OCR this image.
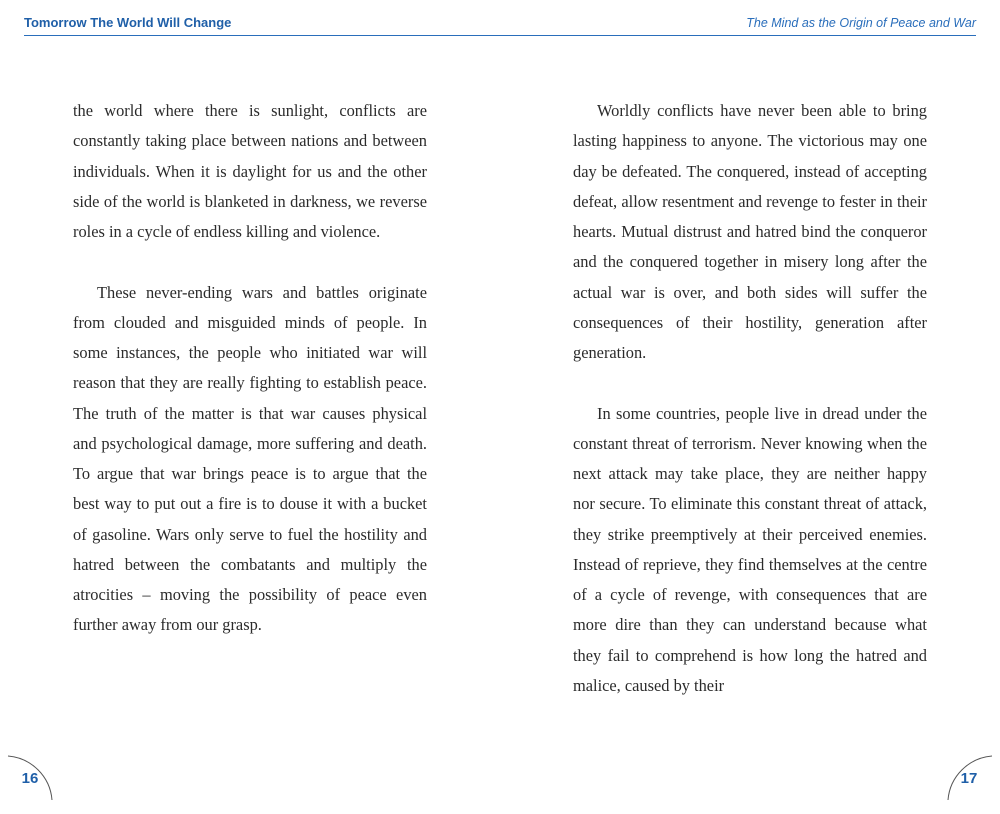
Tomorrow The World Will Change	The Mind as the Origin of Peace and War

the world where there is sunlight, conflicts are constantly taking place between nations and between individuals. When it is daylight for us and the other side of the world is blanketed in darkness, we reverse roles in a cycle of endless killing and violence.

These never-ending wars and battles originate from clouded and misguided minds of people. In some instances, the people who initiated war will reason that they are really fighting to establish peace. The truth of the matter is that war causes physical and psychological damage, more suffering and death. To argue that war brings peace is to argue that the best way to put out a fire is to douse it with a bucket of gasoline. Wars only serve to fuel the hostility and hatred between the combatants and multiply the atrocities – moving the possibility of peace even further away from our grasp.

Worldly conflicts have never been able to bring lasting happiness to anyone. The victorious may one day be defeated. The conquered, instead of accepting defeat, allow resentment and revenge to fester in their hearts. Mutual distrust and hatred bind the conqueror and the conquered together in misery long after the actual war is over, and both sides will suffer the consequences of their hostility, generation after generation.

In some countries, people live in dread under the constant threat of terrorism. Never knowing when the next attack may take place, they are neither happy nor secure. To eliminate this constant threat of attack, they strike preemptively at their perceived enemies. Instead of reprieve, they find themselves at the centre of a cycle of revenge, with consequences that are more dire than they can understand because what they fail to comprehend is how long the hatred and malice, caused by their

16	17
